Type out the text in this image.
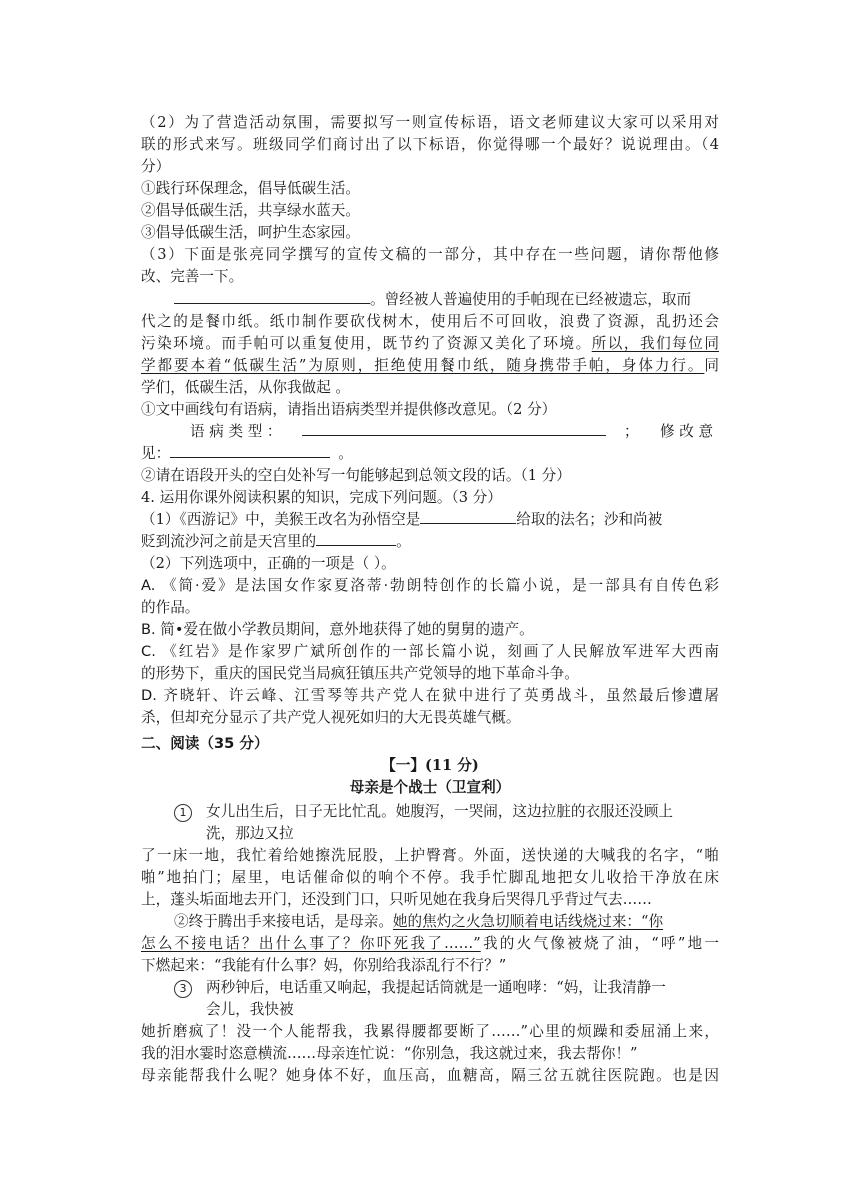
（2）为了营造活动氛围，需要拟写一则宣传标语，语文老师建议大家可以采用对
联的形式来写。班级同学们商讨出了以下标语，你觉得哪一个最好？说说理由。（4
分）
①践行环保理念，倡导低碳生活。
②倡导低碳生活，共享绿水蓝天。
③倡导低碳生活，呵护生态家园。
（3）下面是张亮同学撰写的宣传文稿的一部分，其中存在一些问题，请你帮他修
改、完善一下。
。曾经被人普遍使用的手帕现在已经被遗忘，取而
代之的是餐巾纸。纸巾制作要砍伐树木，使用后不可回收，浪费了资源，乱扔还会
污染环境。而手帕可以重复使用，既节约了资源又美化了环境。所以，我们每位同
学都要本着“低碳生活”为原则，拒绝使用餐巾纸，随身携带手帕，身体力行。同
学们，低碳生活，从你我做起 。
①文中画线句有语病，请指出语病类型并提供修改意见。（2 分）
语 病 类 型 ：	； 修 改 意
见：	。
②请在语段开头的空白处补写一句能够起到总领文段的话。（1 分）
4. 运用你课外阅读积累的知识，完成下列问题。（3 分）
（1）《西游记》中，美猴王改名为孙悟空是	给取的法名；沙和尚被
贬到流沙河之前是天宫里的	。
（2）下列选项中，正确的一项是（ ）。
A. 《简·爱》是法国女作家夏洛蒂·勃朗特创作的长篇小说，是一部具有自传色彩
的作品。
B. 简•爱在做小学教员期间，意外地获得了她的舅舅的遗产。
C. 《红岩》是作家罗广斌所创作的一部长篇小说，刻画了人民解放军进军大西南
的形势下，重庆的国民党当局疯狂镇压共产党领导的地下革命斗争。
D. 齐晓轩、许云峰、江雪琴等共产党人在狱中进行了英勇战斗，虽然最后惨遭屠
杀，但却充分显示了共产党人视死如归的大无畏英雄气概。
二、阅读（35 分）
【一】(11 分)
母亲是个战士（卫宣利）
1 女儿出生后，日子无比忙乱。她腹泻，一哭闹，这边拉脏的衣服还没顾上
洗，那边又拉
了一床一地，我忙着给她擦洗屁股，上护臀膏。外面，送快递的大喊我的名字，“啪
啪”地拍门；屋里，电话催命似的响个不停。我手忙脚乱地把女儿收拾干净放在床
上，蓬头垢面地去开门，还没到门口，只听见她在我身后哭得几乎背过气去……
②终于腾出手来接电话，是母亲。她的焦灼之火急切顺着电话线烧过来：“你
怎么不接电话？出什么事了？你吓死我了……”我的火气像被烧了油，“呼”地一
下燃起来：“我能有什么事？妈，你别给我添乱行不行？”
3 两秒钟后，电话重又响起，我提起话筒就是一通咆哮：“妈，让我清静一
会儿，我快被
她折磨疯了！没一个人能帮我，我累得腰都要断了……”心里的烦躁和委屈涌上来，
我的泪水霎时恣意横流……母亲连忙说：“你别急，我这就过来，我去帮你！”
母亲能帮我什么呢？她身体不好，血压高，血糖高，隔三岔五就往医院跑。也是因
